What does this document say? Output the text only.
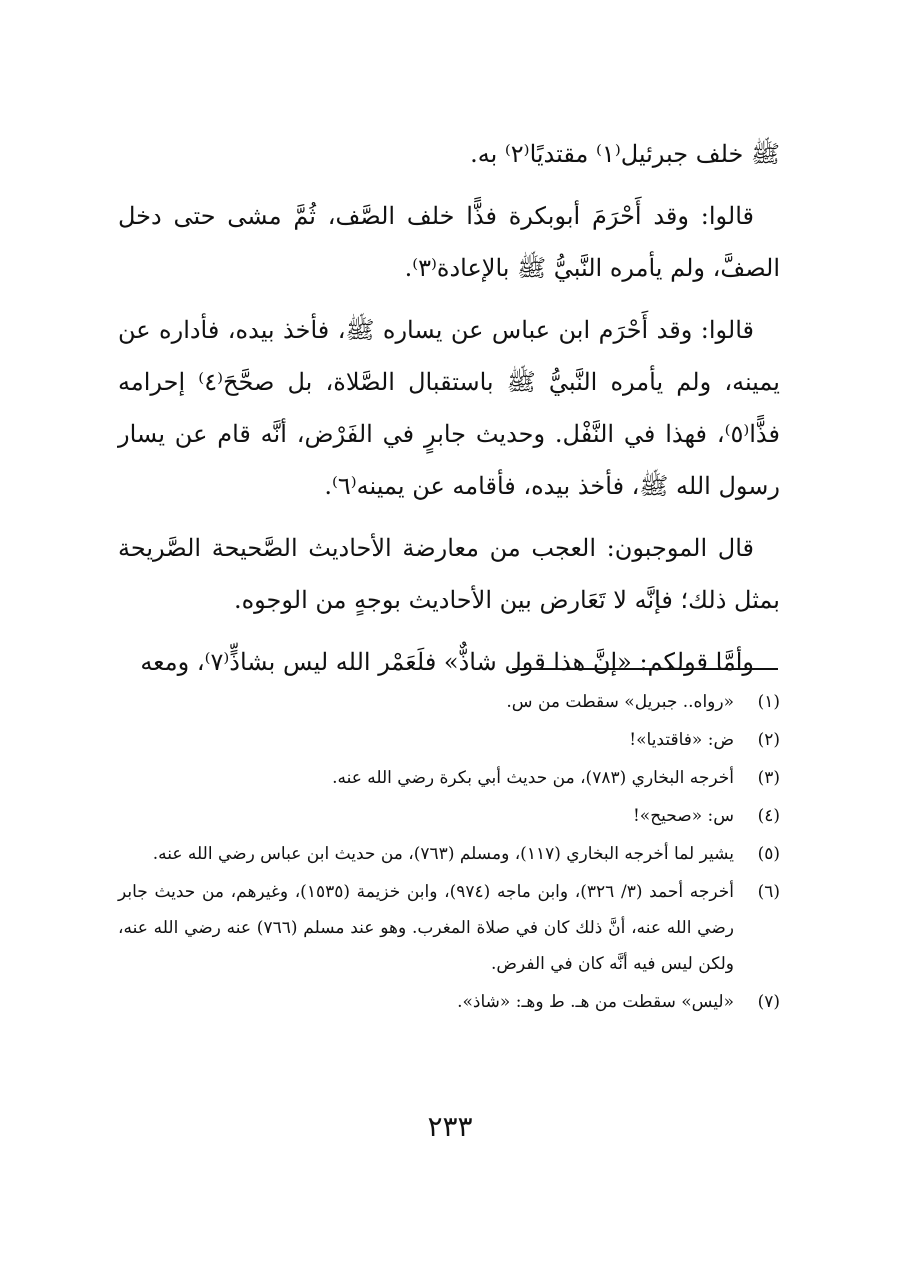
ﷺ خلف جبرئيل⁽١⁾ مقتديًا⁽٢⁾ به.

قالوا: وقد أَحْرَمَ أبوبكرة فذًّا خلف الصَّف، ثُمَّ مشى حتى دخل الصفَّ، ولم يأمره النَّبيُّ ﷺ بالإعادة⁽٣⁾.

قالوا: وقد أَحْرَم ابن عباس عن يساره ﷺ، فأخذ بيده، فأداره عن يمينه، ولم يأمره النَّبيُّ ﷺ باستقبال الصَّلاة، بل صحَّحَ⁽٤⁾ إحرامه فذًّا⁽٥⁾، فهذا في النَّفْل. وحديث جابرٍ في الفَرْض، أنَّه قام عن يسار رسول الله ﷺ، فأخذ بيده، فأقامه عن يمينه⁽٦⁾.

قال الموجبون: العجب من معارضة الأحاديث الصَّحيحة الصَّريحة بمثل ذلك؛ فإنَّه لا تَعَارض بين الأحاديث بوجهٍ من الوجوه.

وأمَّا قولكم: «إنَّ هذا قول شاذٌّ» فلَعَمْر الله ليس بشاذٍّ⁽٧⁾، ومعه

(١)
«رواه.. جبريل» سقطت من س.
(٢)
ض: «فاقتديا»!
(٣)
أخرجه البخاري (٧٨٣)، من حديث أبي بكرة رضي الله عنه.
(٤)
س: «صحيح»!
(٥)
يشير لما أخرجه البخاري (١١٧)، ومسلم (٧٦٣)، من حديث ابن عباس رضي الله عنه.
(٦)
أخرجه أحمد (٣/ ٣٢٦)، وابن ماجه (٩٧٤)، وابن خزيمة (١٥٣٥)، وغيرهم، من حديث جابر رضي الله عنه، أنَّ ذلك كان في صلاة المغرب. وهو عند مسلم (٧٦٦) عنه رضي الله عنه، ولكن ليس فيه أنَّه كان في الفرض.
(٧)
«ليس» سقطت من هـ. ط وهـ: «شاذ».
٢٣٣
